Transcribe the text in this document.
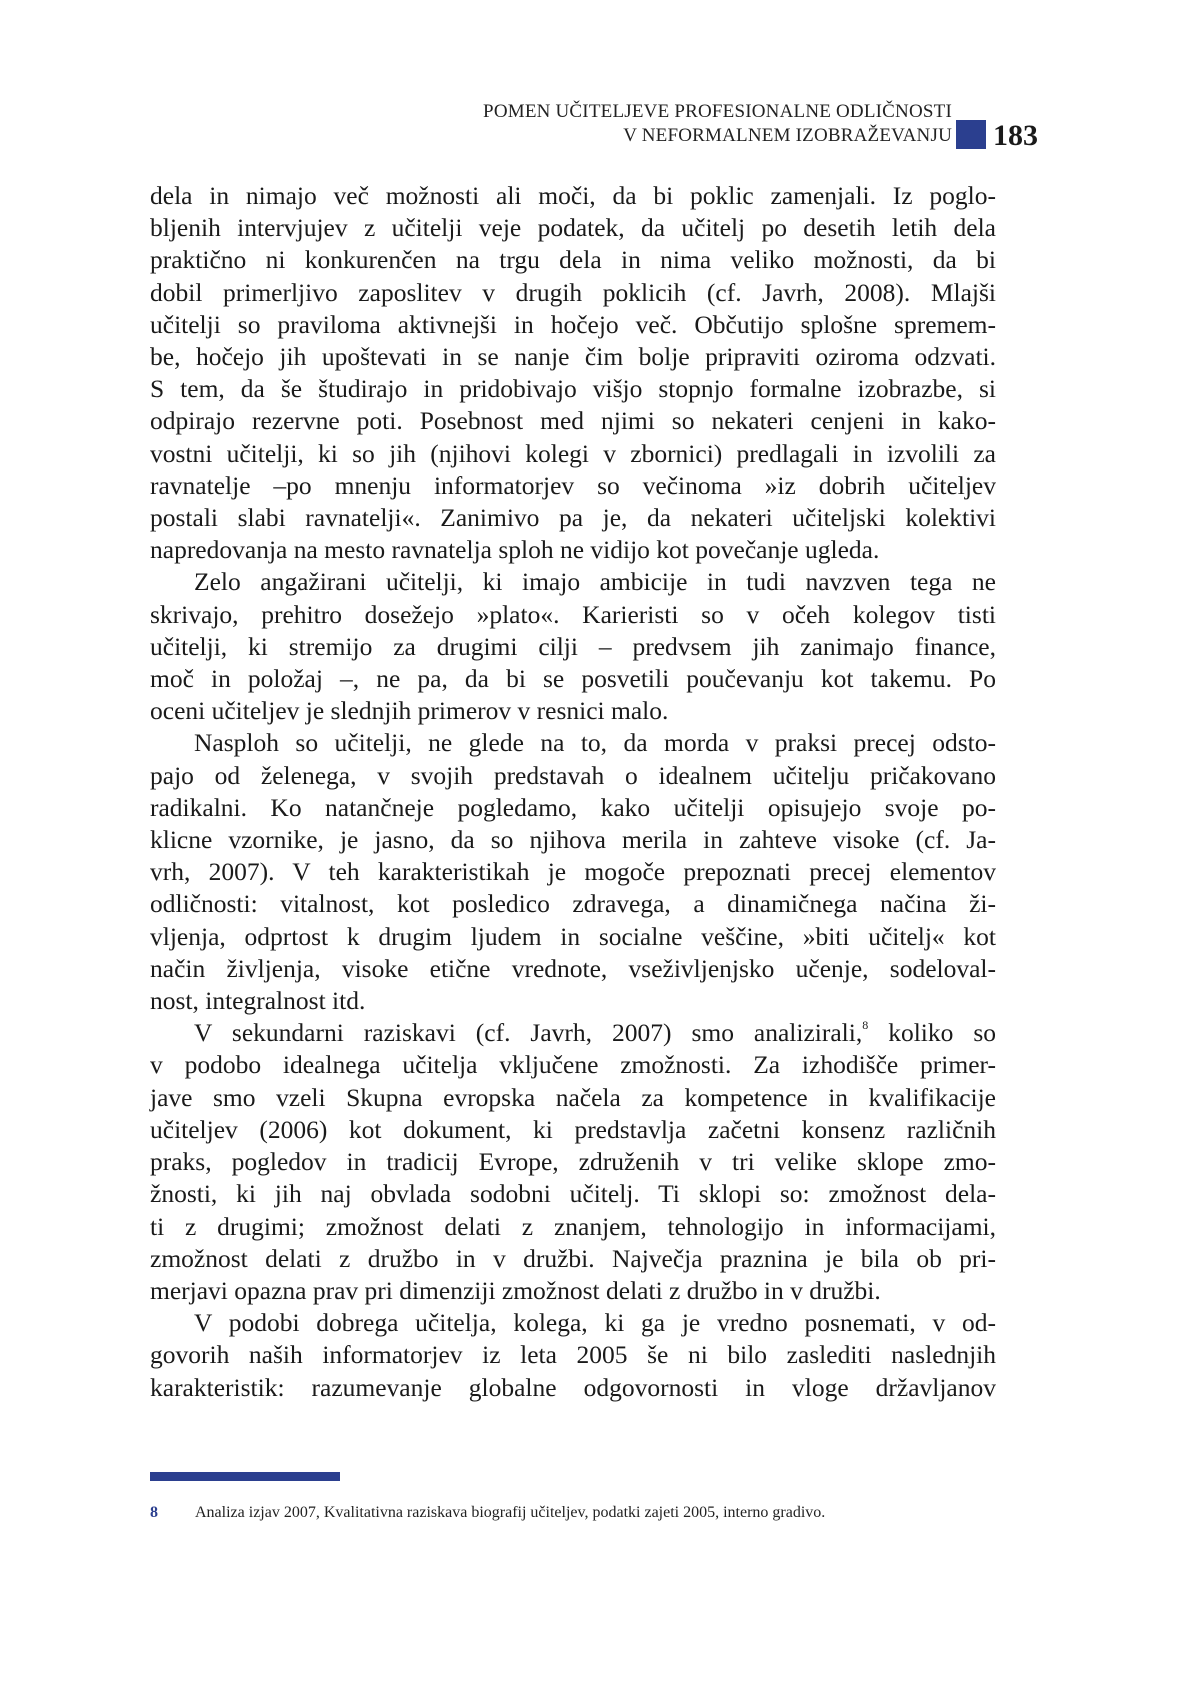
POMEN UČITELJEVE PROFESIONALNE ODLIČNOSTI
V NEFORMALNEM IZOBRAŽEVANJU 183

dela in nimajo več možnosti ali moči, da bi poklic zamenjali. Iz poglo-
bljenih intervjujev z učitelji veje podatek, da učitelj po desetih letih dela
praktično ni konkurenčen na trgu dela in nima veliko možnosti, da bi
dobil primerljivo zaposlitev v drugih poklicih (cf. Javrh, 2008). Mlajši
učitelji so praviloma aktivnejši in hočejo več. Občutijo splošne spremem-
be, hočejo jih upoštevati in se nanje čim bolje pripraviti oziroma odzvati.
S tem, da še študirajo in pridobivajo višjo stopnjo formalne izobrazbe, si
odpirajo rezervne poti. Posebnost med njimi so nekateri cenjeni in kako-
vostni učitelji, ki so jih (njihovi kolegi v zbornici) predlagali in izvolili za
ravnatelje –po mnenju informatorjev so večinoma »iz dobrih učiteljev
postali slabi ravnatelji«. Zanimivo pa je, da nekateri učiteljski kolektivi
napredovanja na mesto ravnatelja sploh ne vidijo kot povečanje ugleda.

Zelo angažirani učitelji, ki imajo ambicije in tudi navzven tega ne
skrivajo, prehitro dosežejo »plato«. Karieristi so v očeh kolegov tisti
učitelji, ki stremijo za drugimi cilji – predvsem jih zanimajo finance,
moč in položaj –, ne pa, da bi se posvetili poučevanju kot takemu. Po
oceni učiteljev je slednjih primerov v resnici malo.

Nasploh so učitelji, ne glede na to, da morda v praksi precej odsto-
pajo od želenega, v svojih predstavah o idealnem učitelju pričakovano
radikalni. Ko natančneje pogledamo, kako učitelji opisujejo svoje po-
klicne vzornike, je jasno, da so njihova merila in zahteve visoke (cf. Ja-
vrh, 2007). V teh karakteristikah je mogoče prepoznati precej elementov
odličnosti: vitalnost, kot posledico zdravega, a dinamičnega načina ži-
vljenja, odprtost k drugim ljudem in socialne veščine, »biti učitelj« kot
način življenja, visoke etične vrednote, vseživljenjsko učenje, sodeloval-
nost, integralnost itd.

V sekundarni raziskavi (cf. Javrh, 2007) smo analizirali,$^8$ koliko so
v podobo idealnega učitelja vključene zmožnosti. Za izhodišče primer-
jave smo vzeli Skupna evropska načela za kompetence in kvalifikacije
učiteljev (2006) kot dokument, ki predstavlja začetni konsenz različnih
praks, pogledov in tradicij Evrope, združenih v tri velike sklope zmo-
žnosti, ki jih naj obvlada sodobni učitelj. Ti sklopi so: zmožnost dela-
ti z drugimi; zmožnost delati z znanjem, tehnologijo in informacijami,
zmožnost delati z družbo in v družbi. Največja praznina je bila ob pri-
merjavi opazna prav pri dimenziji zmožnost delati z družbo in v družbi.

V podobi dobrega učitelja, kolega, ki ga je vredno posnemati, v od-
govorih naših informatorjev iz leta 2005 še ni bilo zaslediti naslednjih
karakteristik: razumevanje globalne odgovornosti in vloge državljanov

8 Analiza izjav 2007, Kvalitativna raziskava biografij učiteljev, podatki zajeti 2005, interno gradivo.
